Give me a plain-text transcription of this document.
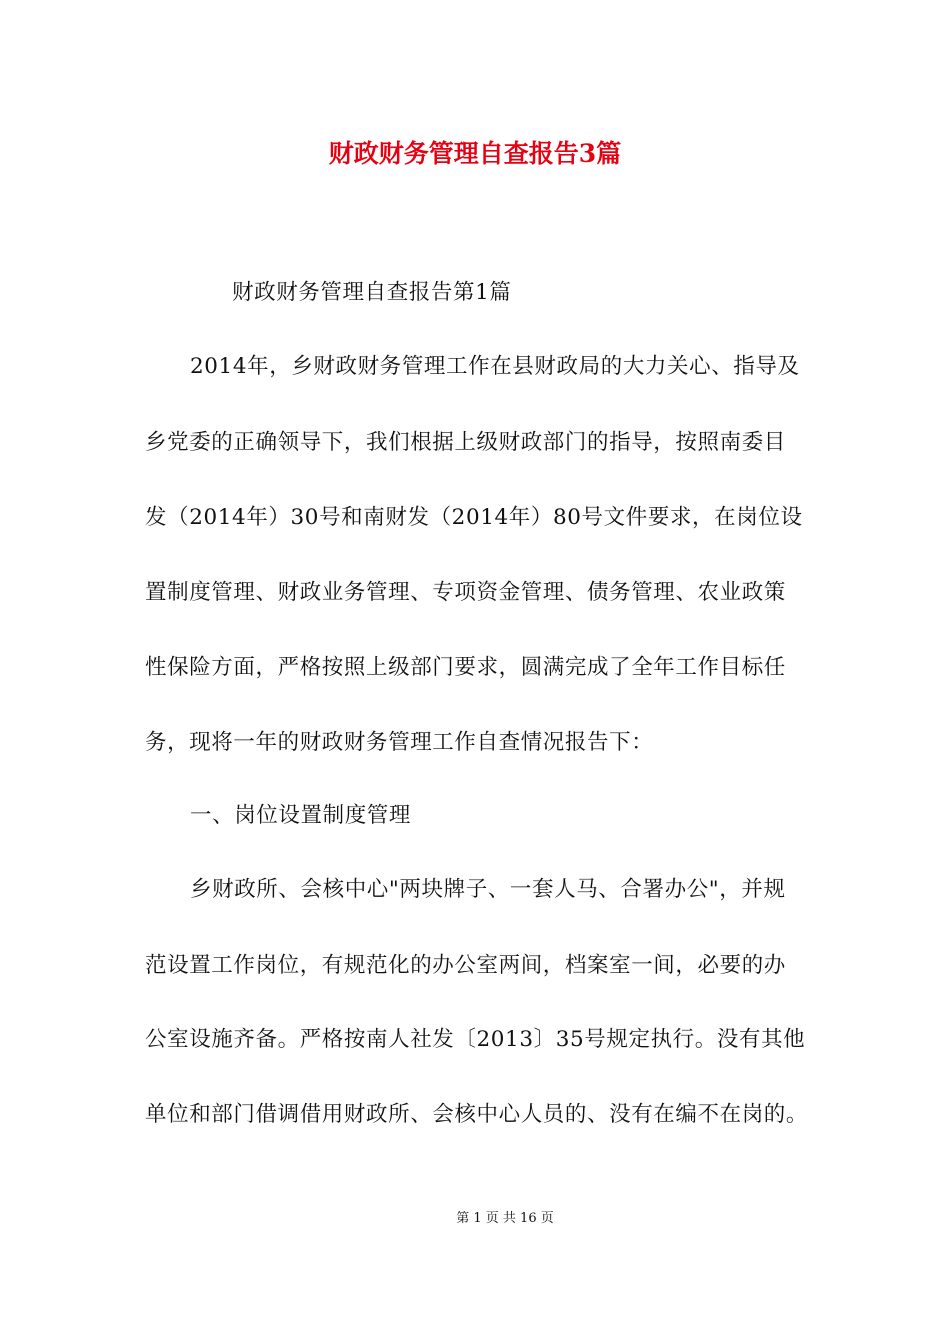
财政财务管理自查报告3篇
财政财务管理自查报告第1篇
2014年，乡财政财务管理工作在县财政局的大力关心、指导及
乡党委的正确领导下，我们根据上级财政部门的指导，按照南委目
发（2014年）30号和南财发（2014年）80号文件要求，在岗位设
置制度管理、财政业务管理、专项资金管理、债务管理、农业政策
性保险方面，严格按照上级部门要求，圆满完成了全年工作目标任
务，现将一年的财政财务管理工作自查情况报告下：
一、岗位设置制度管理
乡财政所、会核中心"两块牌子、一套人马、合署办公"，并规
范设置工作岗位，有规范化的办公室两间，档案室一间，必要的办
公室设施齐备。严格按南人社发〔2013〕35号规定执行。没有其他
单位和部门借调借用财政所、会核中心人员的、没有在编不在岗的。
第 1 页 共 16 页
